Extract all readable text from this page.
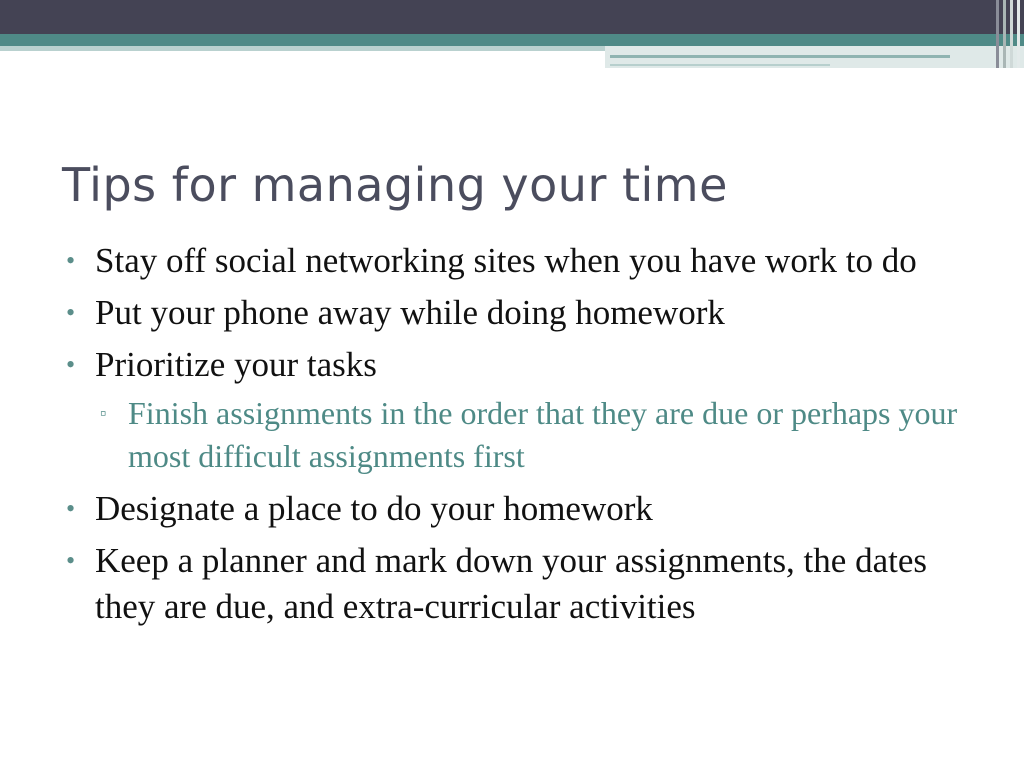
Tips for managing your time
• Stay off social networking sites when you have work to do
• Put your phone away while doing homework
• Prioritize your tasks
▫ Finish assignments in the order that they are due or perhaps your most difficult assignments first
• Designate a place to do your homework
• Keep a planner and mark down your assignments, the dates they are due, and extra-curricular activities
